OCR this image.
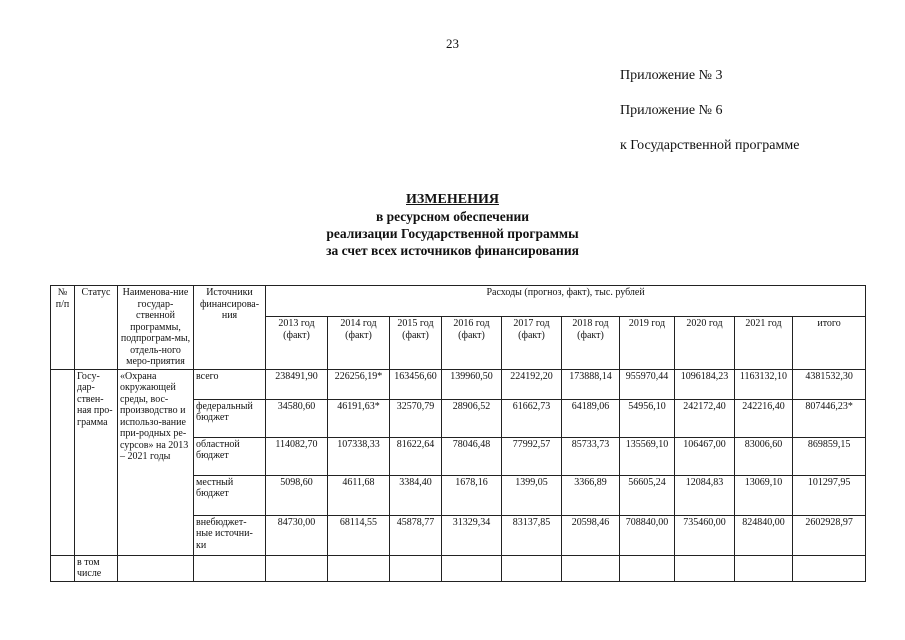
23
Приложение № 3
Приложение № 6
к Государственной программе
ИЗМЕНЕНИЯ
в ресурсном обеспечении
реализации Государственной программы
за счет всех источников финансирования
№ п/п	Статус	Наименова-ние государ-ственной программы, подпрограм-мы, отдель-ного меро-приятия	Источники финансирова-ния	Расходы (прогноз, факт), тыс. рублей									
				2013 год (факт)	2014 год (факт)	2015 год (факт)	2016 год (факт)	2017 год (факт)	2018 год (факт)	2019 год	2020 год	2021 год	итого
	Госу-дар-ствен-ная про-грамма	«Охрана окружающей среды, вос-производство и использо-вание при-родных ре-сурсов» на 2013 – 2021 годы	всего	238491,90	226256,19*	163456,60	139960,50	224192,20	173888,14	955970,44	1096184,23	1163132,10	4381532,30
			федеральный бюджет	34580,60	46191,63*	32570,79	28906,52	61662,73	64189,06	54956,10	242172,40	242216,40	807446,23*
			областной бюджет	114082,70	107338,33	81622,64	78046,48	77992,57	85733,73	135569,10	106467,00	83006,60	869859,15
			местный бюджет	5098,60	4611,68	3384,40	1678,16	1399,05	3366,89	56605,24	12084,83	13069,10	101297,95
			внебюджет-ные источни-ки	84730,00	68114,55	45878,77	31329,34	83137,85	20598,46	708840,00	735460,00	824840,00	2602928,97
	в том числе												
